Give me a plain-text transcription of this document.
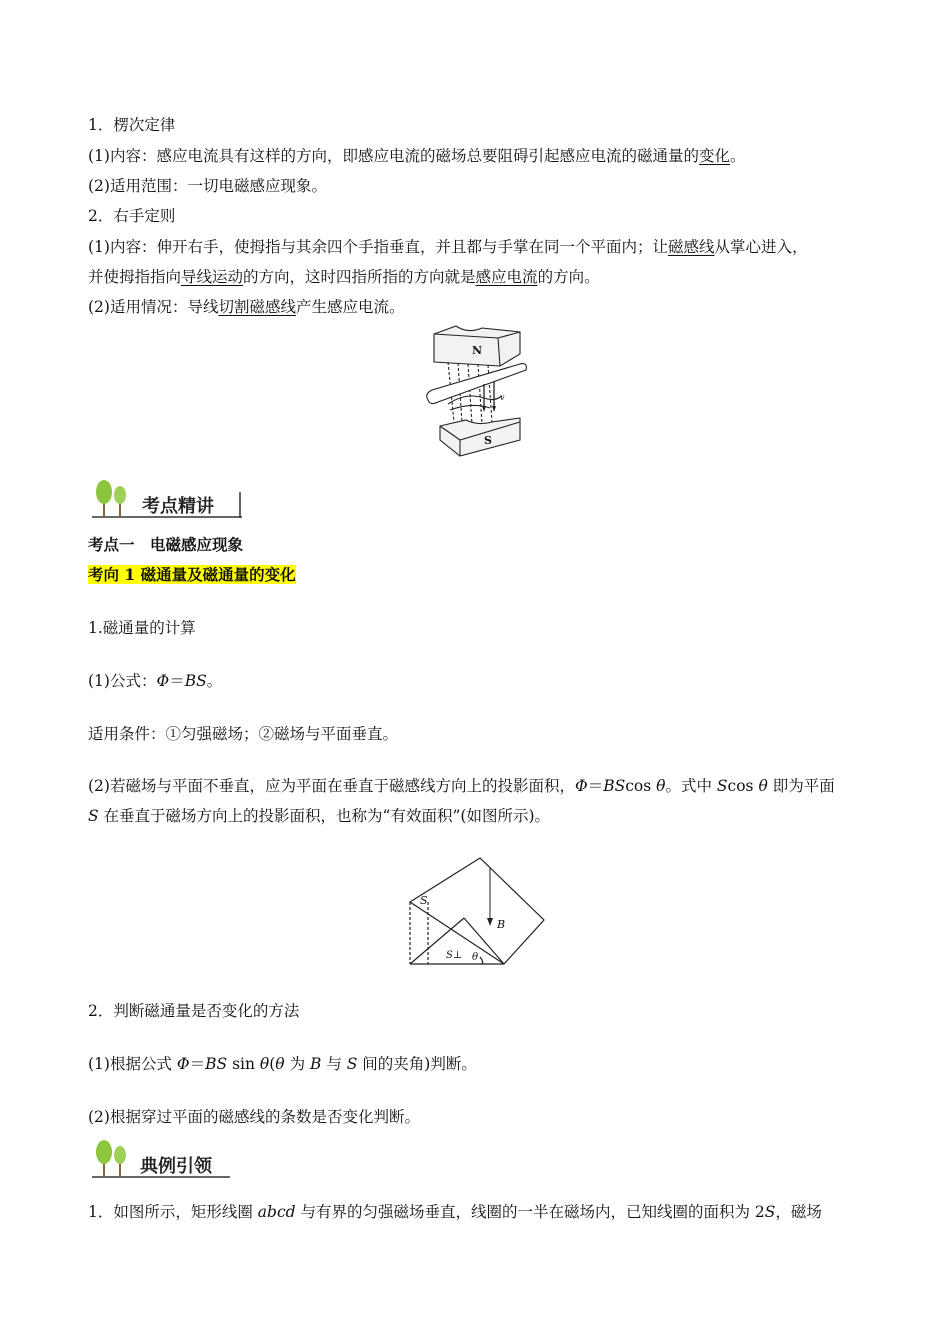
1．楞次定律
(1)内容：感应电流具有这样的方向，即感应电流的磁场总要阻碍引起感应电流的磁通量的变化。
(2)适用范围：一切电磁感应现象。
2．右手定则
(1)内容：伸开右手，使拇指与其余四个手指垂直，并且都与手掌在同一个平面内；让磁感线从掌心进入，
并使拇指指向导线运动的方向，这时四指所指的方向就是感应电流的方向。
(2)适用情况：导线切割磁感线产生感应电流。
N
S
v
考点精讲
考点一　电磁感应现象
考向 1 磁通量及磁通量的变化
1.磁通量的计算
(1)公式：Φ＝BS。
适用条件：①匀强磁场；②磁场与平面垂直。
(2)若磁场与平面不垂直，应为平面在垂直于磁感线方向上的投影面积，Φ＝BScos θ。式中 Scos θ 即为平面
S 在垂直于磁场方向上的投影面积，也称为“有效面积”(如图所示)。
S
B
S⊥ θ
2．判断磁通量是否变化的方法
(1)根据公式 Φ＝BS sin θ(θ 为 B 与 S 间的夹角)判断。
(2)根据穿过平面的磁感线的条数是否变化判断。
典例引领
1．如图所示，矩形线圈 abcd 与有界的匀强磁场垂直，线圈的一半在磁场内，已知线圈的面积为 2S，磁场
